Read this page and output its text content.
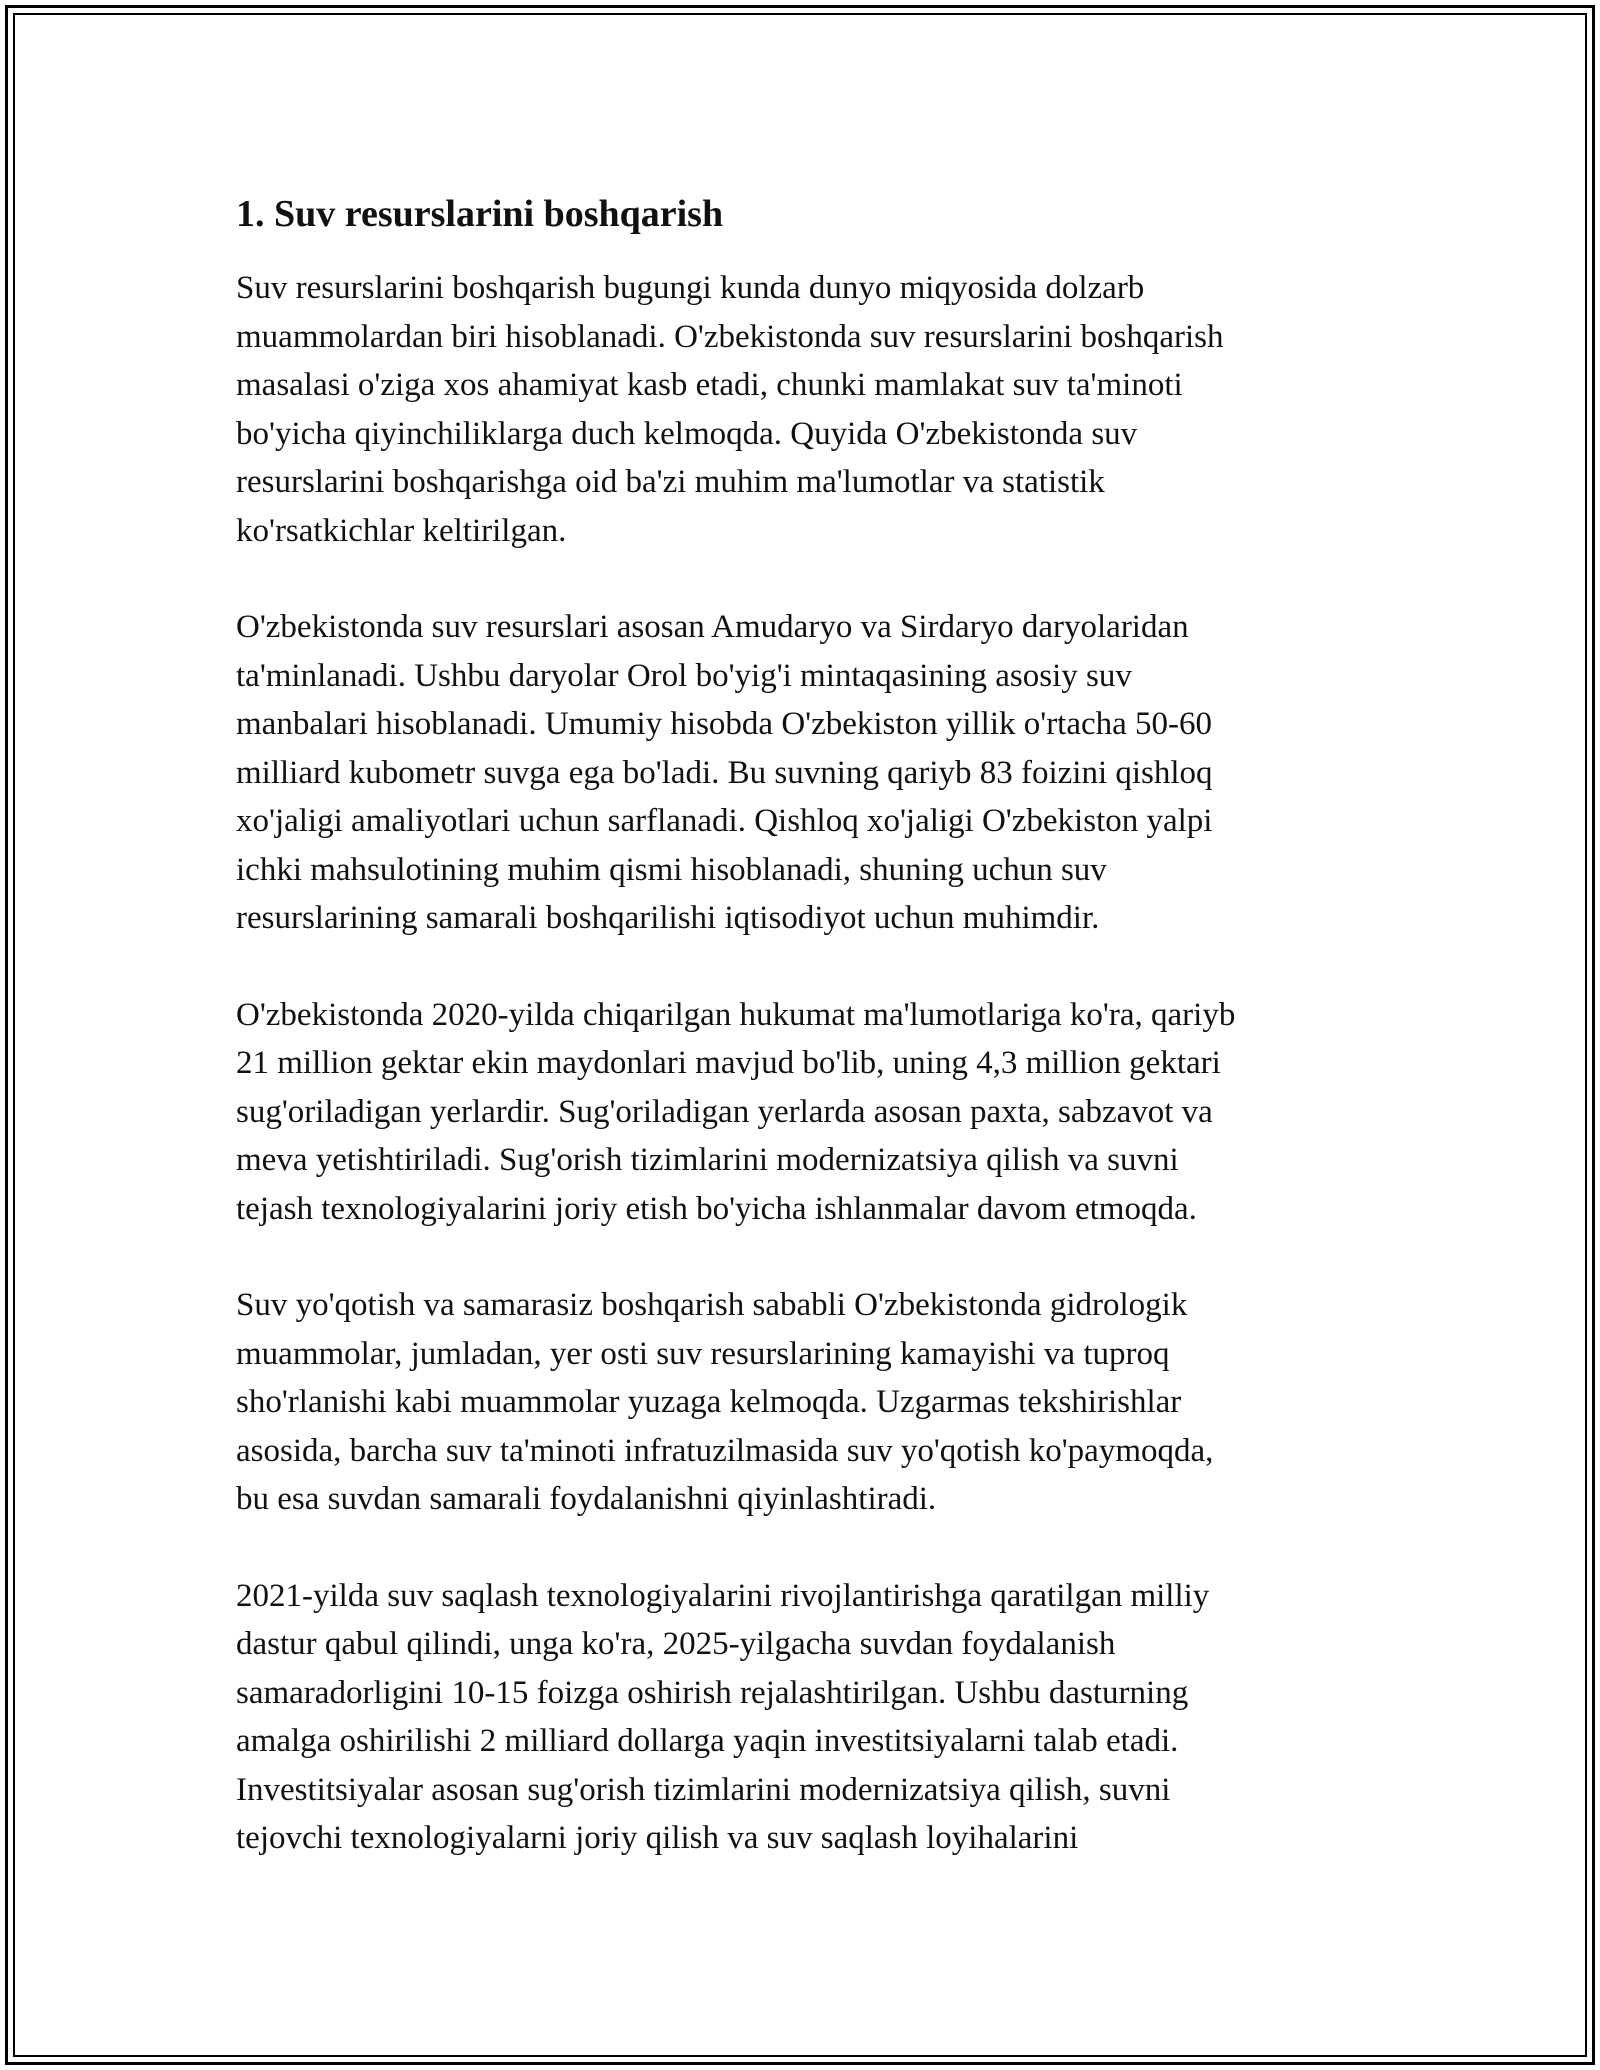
1. Suv resurslarini boshqarish

Suv resurslarini boshqarish bugungi kunda dunyo miqyosida dolzarb
muammolardan biri hisoblanadi. O'zbekistonda suv resurslarini boshqarish
masalasi o'ziga xos ahamiyat kasb etadi, chunki mamlakat suv ta'minoti
bo'yicha qiyinchiliklarga duch kelmoqda. Quyida O'zbekistonda suv
resurslarini boshqarishga oid ba'zi muhim ma'lumotlar va statistik
ko'rsatkichlar keltirilgan.

O'zbekistonda suv resurslari asosan Amudaryo va Sirdaryo daryolaridan
ta'minlanadi. Ushbu daryolar Orol bo'yig'i mintaqasining asosiy suv
manbalari hisoblanadi. Umumiy hisobda O'zbekiston yillik o'rtacha 50-60
milliard kubometr suvga ega bo'ladi. Bu suvning qariyb 83 foizini qishloq
xo'jaligi amaliyotlari uchun sarflanadi. Qishloq xo'jaligi O'zbekiston yalpi
ichki mahsulotining muhim qismi hisoblanadi, shuning uchun suv
resurslarining samarali boshqarilishi iqtisodiyot uchun muhimdir.

O'zbekistonda 2020-yilda chiqarilgan hukumat ma'lumotlariga ko'ra, qariyb
21 million gektar ekin maydonlari mavjud bo'lib, uning 4,3 million gektari
sug'oriladigan yerlardir. Sug'oriladigan yerlarda asosan paxta, sabzavot va
meva yetishtiriladi. Sug'orish tizimlarini modernizatsiya qilish va suvni
tejash texnologiyalarini joriy etish bo'yicha ishlanmalar davom etmoqda.

Suv yo'qotish va samarasiz boshqarish sababli O'zbekistonda gidrologik
muammolar, jumladan, yer osti suv resurslarining kamayishi va tuproq
sho'rlanishi kabi muammolar yuzaga kelmoqda. Uzgarmas tekshirishlar
asosida, barcha suv ta'minoti infratuzilmasida suv yo'qotish ko'paymoqda,
bu esa suvdan samarali foydalanishni qiyinlashtiradi.

2021-yilda suv saqlash texnologiyalarini rivojlantirishga qaratilgan milliy
dastur qabul qilindi, unga ko'ra, 2025-yilgacha suvdan foydalanish
samaradorligini 10-15 foizga oshirish rejalashtirilgan. Ushbu dasturning
amalga oshirilishi 2 milliard dollarga yaqin investitsiyalarni talab etadi.
Investitsiyalar asosan sug'orish tizimlarini modernizatsiya qilish, suvni
tejovchi texnologiyalarni joriy qilish va suv saqlash loyihalarini
